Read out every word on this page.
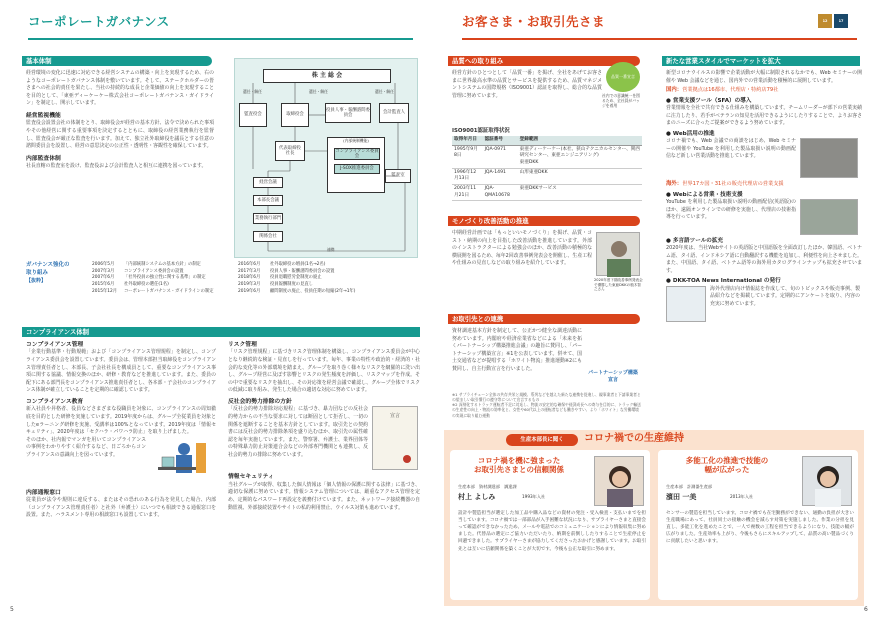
コーポレートガバナンス
基本体制

経営環境の変化に迅速に対応できる経営システムの構築・向上を実現するため、右のようなコーポレートガバナンス体制を敷いています。そして、ステークホルダーの皆さまへの社会的責任を果たし、当社の持続的な成長と企業価値の向上を実現することを目的として、「東亜ディーケーケー株式会社コーポレートガバナンス・ガイドライン」を制定し、開示しています。

経営監視機能

監査役会設置会社の体制をとり、取締役会が経営の基本方針、法令で決められた事項やその他経営に関する重要事項を決定するとともに、取締役の経営業務執行を監督し、監査役会が厳正な監査を行います。加えて、独立社外取締役を議長とする任意の諮問委員会を設置し、経営の意思決定の公正性・透明性・客観性を確保しています。

内部監査体制

社長直轄の監査室を設け、監査役および会計監査人と相互に連携を図っています。

株 主 総 会
選任・解任	選任・解任	選任・解任
監査役会	取締役会
役員人事・報酬諮問委員会
会計監査人
代表取締役
社長
(内部統制機能)
コンプライアンス委員会
J-SOX推進委員会
監査室
経営会議
本部長会議
業務執行部門
関係会社
連携
ガバナンス強化の
取り組み
【抜粋】
2006年5月	「内部統制システムの基本方針」の制定
2007年3月	コンプライアンス委員会の設置
2007年6月	「社外役員の独立性に関する基準」の制定
2015年6月	社外取締役の選任(1名)
2015年12月	コーポレートガバナンス・ガイドラインの制定
2016年6月	社外取締役の増員(1名→2名)
2017年3月	役員人事・報酬諮問委員会の設置
2018年6月	役員退職慰労金制度の廃止
2019年3月	役員報酬制度の見直し
2019年6月	顧問制度の廃止、役員任期の短縮(2年→1年)
コンプライアンス体制
コンプライアンス管理

「企業行動基準・行動規範」および「コンプライアンス管理規程」を制定し、コンプライアンス委員会を設置しています。委員会は、管理本部担当取締役をコンプライアンス管理責任者とし、本部長、子会社社長を構成員として、重要なコンプライアンス事項に関する協議、情報交換のほか、研修・教育などを推進しています。また、委員の配下にある部門長をコンプライアンス推進責任者とし、各本部・子会社のコンプライアンス体制が確立していることを定期的に確認しています。

コンプライアンス教育

新入社員や昇格者、役員などさまざまな役職員を対象に、コンプライアンスの周知徹底を目的とした研修を実施しています。2019年度からは、グループ全従業員を対象としたeラーニング研修を実施、受講率は100%となっています。2019年度は「情報セキュリティ」、2020年度は「セクハラ・パワハラ防止」を取り上げました。

そのほか、社内報でマンガを用いてコンプライアンスの事例をわかりやすく紹介するなど、日ごろからコンプライアンスの意識向上を図っています。

内部通報窓口

従業員が法令や規則に違反する、またはその恐れのある行為を発見した場合、内部（コンプライアンス管理責任者）と社外（弁護士）にいつでも相談できる通報窓口を設置。また、ハラスメント専用の相談窓口も設置しています。

リスク管理

「リスク管理規程」に基づきリスク管理体制を構築し、コンプライアンス委員会が中心となり継続的な検証・見直しを行っています。毎年、事業の特性や政治的・経済的・社会的な変化等の外部環境を踏まえ、グループを取り巻く様々なリスクを網羅的に洗い出し、グループ経営に及ぼす影響とリスクの発生頻度を評価し、リスクマップを作成。その中で重要なリスクを抽出し、その対応策を経営会議で確認し、グループ全体でリスクの低減に取り組み、発生した場合の適切な対応に努めています。

反社会的勢力排除の方針

「反社会的勢力排除対応規程」に基づき、暴力団などの反社会的勢力からの不当な要求に対しては断固として拒否し、一切の関係を遮断することを基本方針としています。取引先との契約書には反社会的勢力排除条項を盛り込むほか、取引先の属性確認を毎年実施しています。また、警察署、弁護士、業界団体等の特殊暴力防止対策連合会などの外部専門機関とも連携し、反社会的勢力の排除に努めています。

宣言
情報セキュリティ

当社グループが取得、収集した個人情報は「個人情報の保護に関する法律」に基づき、適切な保護に努めています。情報システム管理については、厳重なアクセス管理を定め、定期的なパスワード再設定を義務付けています。また、ネットワーク接続機器の自動監視、外部接続装置やサイトの私的利用禁止、ウイルス対策も進めています。

5
お客さま・お取引先さま	12	17
品質への取り組み

経営方針のひとつとして「品質一番」を掲げ、全社をあげてお客さまに世界最高水準の品質とサービスを提供するため、品質マネジメントシステムの国際規格（ISO9001）認証を取得し、総合的な品質管理に努めています。

品質一番宣言
社内での意識統一を図るため、全社員がバッジを着用
ISO9001認証取得状況
取得年月日	認証番号	登録範囲
1995年9月8日	JQA-0971	東亜ディーケーケー(本社、狭山テクニカルセンター、関西研究センター、東亜エンジニアリング)
東亜DKK
1996年12月13日	JQA-1491	山形東亜DKK
2003年11月21日	JQA-QMA10678	東亜DKKサービス
モノづくり改善活動の推進

中期経営計画では「もっといいモノづくり」を掲げ、品質・コスト・納期の向上を目指した改善活動を推進しています。外部のインストラクターによる勉強会のほか、改善活動の積極的な横展開を図るため、毎年2回改善事例発表会を開催し、生産工程や仕組みの見直しなどの取り組みを紹介しています。

2020年度下期改善事例発表会で優勝した東亜DKKの植木智之さん
お取引先との連携

資材調達基本方針を制定して、公正かつ健全な調達活動に努めています。内閣府や経済産業省などによる「未来を拓くパートナーシップ構築推進会議」の趣旨に賛同し、「パートナーシップ構築宣言」※1を公表しています。併せて、国土交通省などが提唱する「ホワイト物流」推進運動※2にも賛同し、自主行動宣言を行いました。

パートナーシップ構築宣言
※1 サプライチェーン全体の共存共栄と規模、系列などを越えた新たな連携を促進し、親事業者と下請事業者との望ましい取引慣行の遵守等について宣言するもの
※2 深刻化するトラック運転者不足に対応し、物流の安定的な確保や経済成長への寄与を目的に、トラック輸送の生産性の向上・物流の効率化と、女性や60代以上の運転者なども働きやすい、より「ホワイト」な労働環境の実現に取り組む運動
新たな営業スタイルでマーケットを拡大

新型コロナウイルスの影響で企業活動が大幅に制限されるなかでも、Web セミナーの開催や Web 会議などを通じ、国内外での営業活動を積極的に展開しています。

国内：営業拠点は16都市、代理店・特約店79社
● 営業支援ツール（SFA）の導入

営業情報を全社で共有できる仕組みを構築しています。チームリーダーが部下の営業実績に注力したり、若手がベテランの知見を活用できるようにしたりすることで、よりお客さまのニーズに合ったご提案ができるよう努めています。

● Web活用の推進

コロナ禍でも、Web 会議での商談をはじめ、Web セミナーの開催や YouTube を利用した製品取扱い説明の動画配信など新しい営業活動を推進しています。

海外：世界17カ国・31社の販売代理店の営業支援
● Webによる営業・技術支援

YouTube を利用した製品取扱い説明の動画配信(英語版)のほか、遠隔オンラインでの研修を実施し、代理店の技術指導を行っています。

● 多言語ツールの拡充

2020年度は、当社Webサイトの英語版と中国語版を全面改訂したほか、韓国語、ベトナム語、タイ語、インドネシア語に自動翻訳する機能を追加し、利便性を向上させました。また、中国語、タイ語、ベトナム語等の海外用カタログラインナップも拡充させています。

● DKK-TOA News International の発行

海外代理店向け情報誌を作成して、旬のトピックスや販売事例、製品紹介などを掲載しています。定期的にアンケートを取り、内容の充実に努めています。

生産本部長に聞く	コロナ禍での生産維持
コロナ禍を機に強まった
お取引先さまとの信頼関係
生産本部　資材調達部　調達課
村上 よしみ	1993年入社

設計や製造担当が選定した加工品や購入品などの資材の発注・受入検査・支払いまでを担当しています。コロナ禍では一部部品が入手困難な状況になり、サプライヤーさまと直接会って確認ができなかったため、メールや電話でのコミュニケーションにより情報収集に努めました。代替品の選定にご協力いただいたり、納期を前倒ししたりすることで生産停止を回避できました。サプライヤーさまが協力してくださったおかげと感謝しています。お取引先とは互いに信頼関係を築くことが大切です。今後も公正な取引に努めます。

多能工化の推進で技能の
幅が広がった
生産本部　計測器生産部
濱田 一美	2013年入社

センサーの製造を担当しています。コロナ禍でも在宅勤務ができない、通勤の負担が大きい生産職場にあって、社員同士の接触の機会を減らす対策を実施しました。作業の分担を見直し、多能工化を進めたことで、一人で複数の工程を担当できるようになり、技能の幅が広がりました。生産効率も上がり、今後もさらにスキルアップして、品質の高い製品づくりに貢献したいと思います。

6
